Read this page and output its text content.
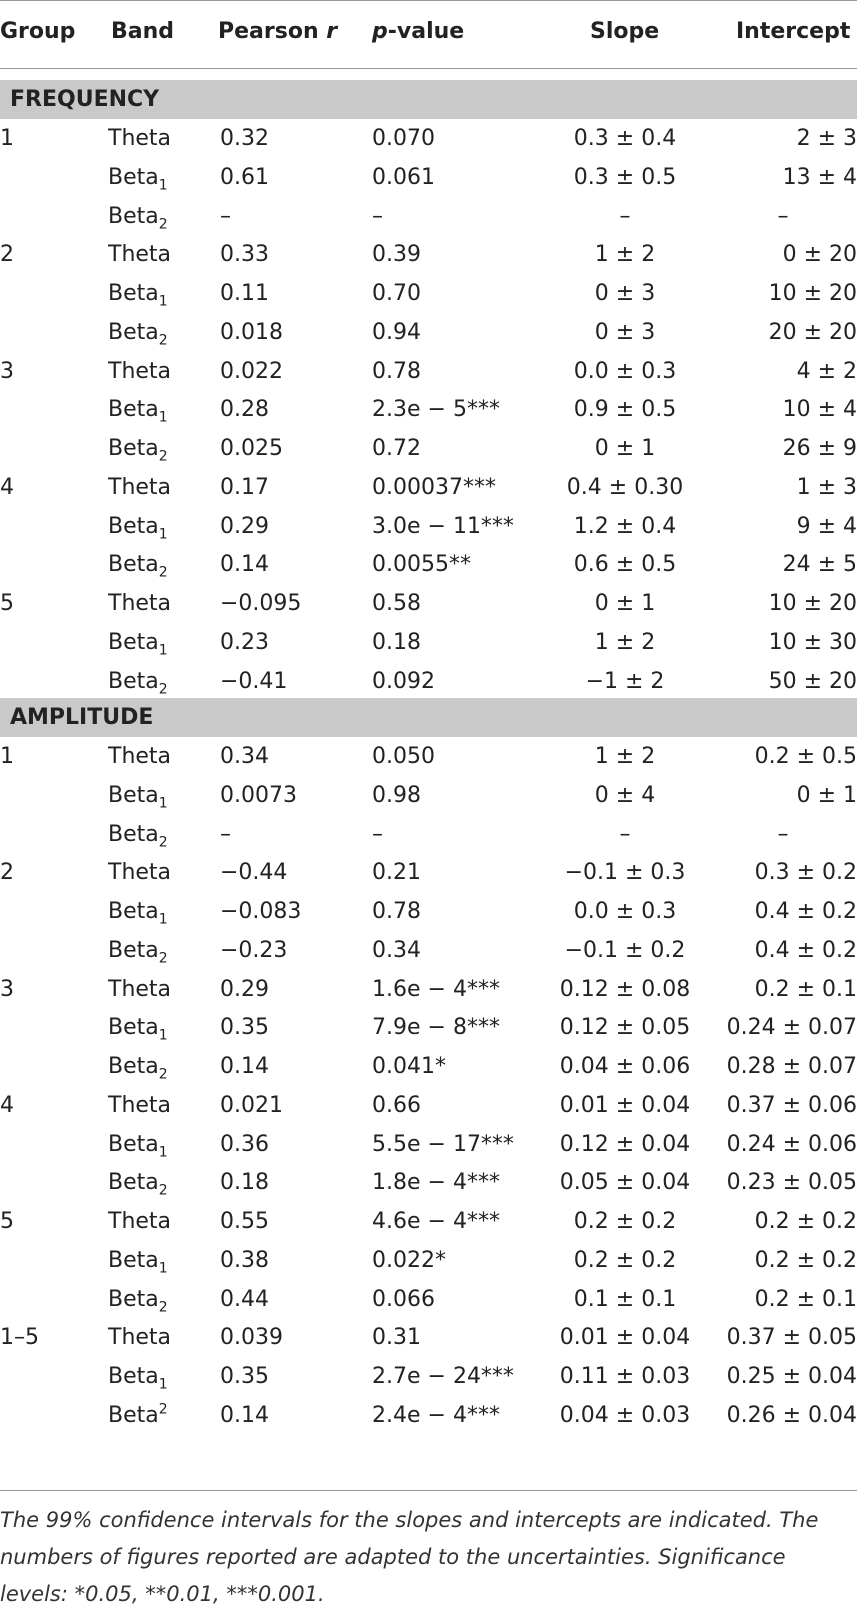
Group Band Pearson r p-value	Slope	Intercept
FREQUENCY
1	Theta 0.32	0.070	0.3 ± 0.4	2 ± 3
Beta$_1$ 0.61	0.061	0.3 ± 0.5	13 ± 4
Beta$_2$ –	–	–	–
2	Theta 0.33	0.39	1 ± 2	0 ± 20
Beta$_1$ 0.11	0.70	0 ± 3	10 ± 20
Beta$_2$ 0.018	0.94	0 ± 3	20 ± 20
3	Theta 0.022	0.78	0.0 ± 0.3	4 ± 2
Beta$_1$ 0.28	2.3e − 5***	0.9 ± 0.5	10 ± 4
Beta$_2$ 0.025	0.72	0 ± 1	26 ± 9
4	Theta 0.17	0.00037***	0.4 ± 0.30	1 ± 3
Beta$_1$ 0.29	3.0e − 11***	1.2 ± 0.4	9 ± 4
Beta$_2$ 0.14	0.0055**	0.6 ± 0.5	24 ± 5
5	Theta −0.095	0.58	0 ± 1	10 ± 20
Beta$_1$ 0.23	0.18	1 ± 2	10 ± 30
Beta$_2$ −0.41	0.092	−1 ± 2	50 ± 20
AMPLITUDE
1	Theta 0.34	0.050	1 ± 2	0.2 ± 0.5
Beta$_1$ 0.0073	0.98	0 ± 4	0 ± 1
Beta$_2$ –	–	–	–
2	Theta −0.44	0.21	−0.1 ± 0.3	0.3 ± 0.2
Beta$_1$ −0.083	0.78	0.0 ± 0.3	0.4 ± 0.2
Beta$_2$ −0.23	0.34	−0.1 ± 0.2	0.4 ± 0.2
3	Theta 0.29	1.6e − 4***	0.12 ± 0.08	0.2 ± 0.1
Beta$_1$ 0.35	7.9e − 8***	0.12 ± 0.05	0.24 ± 0.07
Beta$_2$ 0.14	0.041*	0.04 ± 0.06	0.28 ± 0.07
4	Theta 0.021	0.66	0.01 ± 0.04	0.37 ± 0.06
Beta$_1$ 0.36	5.5e − 17***	0.12 ± 0.04	0.24 ± 0.06
Beta$_2$ 0.18	1.8e − 4***	0.05 ± 0.04	0.23 ± 0.05
5	Theta 0.55	4.6e − 4***	0.2 ± 0.2	0.2 ± 0.2
Beta$_1$ 0.38	0.022*	0.2 ± 0.2	0.2 ± 0.2
Beta$_2$ 0.44	0.066	0.1 ± 0.1	0.2 ± 0.1
1–5	Theta 0.039	0.31	0.01 ± 0.04	0.37 ± 0.05
Beta$_1$ 0.35	2.7e − 24***	0.11 ± 0.03	0.25 ± 0.04
Beta$^2$ 0.14	2.4e − 4***	0.04 ± 0.03	0.26 ± 0.04
The 99% confidence intervals for the slopes and intercepts are indicated. The numbers of figures reported are adapted to the uncertainties. Significance levels: *0.05, **0.01, ***0.001.
